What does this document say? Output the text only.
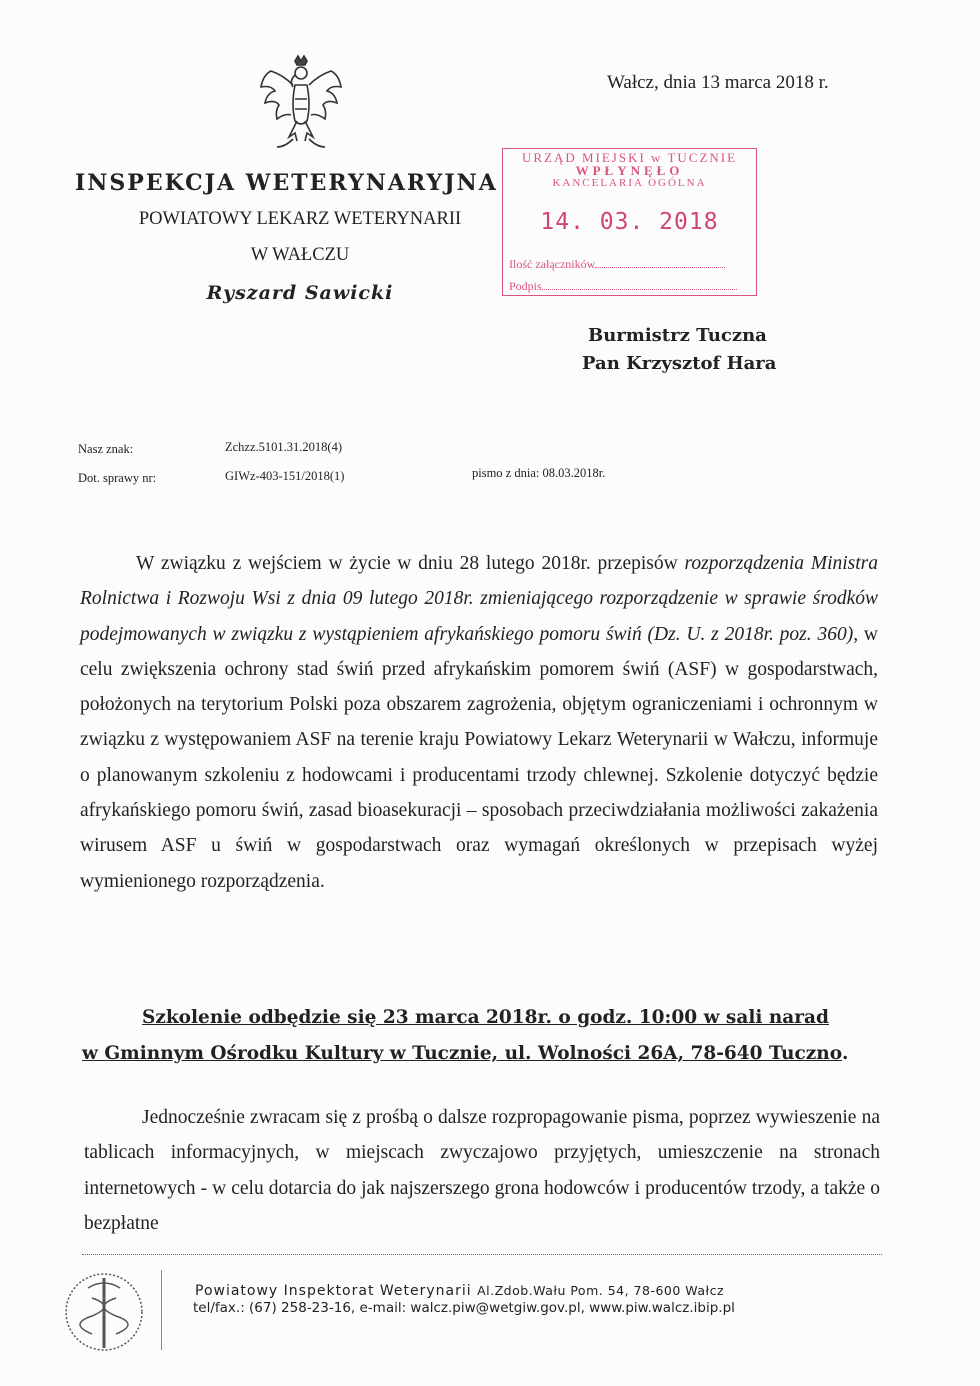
Wałcz, dnia 13 marca 2018 r.
INSPEKCJA WETERYNARYJNA
POWIATOWY LEKARZ WETERYNARII
W WAŁCZU
Ryszard Sawicki
URZĄD MIEJSKI w TUCZNIE
WPŁYNĘŁO
KANCELARIA OGÓLNA
14. 03. 2018
Ilość załączników
Podpis
Burmistrz Tuczna
Pan Krzysztof Hara
Nasz znak:	Zchzz.5101.31.2018(4)
Dot. sprawy nr:	GIWz-403-151/2018(1)	pismo z dnia: 08.03.2018r.
W związku z wejściem w życie w dniu 28 lutego 2018r. przepisów rozporządzenia Ministra Rolnictwa i Rozwoju Wsi z dnia 09 lutego 2018r. zmieniającego rozporządzenie w sprawie środków podejmowanych w związku z wystąpieniem afrykańskiego pomoru świń (Dz. U. z 2018r. poz. 360), w celu zwiększenia ochrony stad świń przed afrykańskim pomorem świń (ASF) w gospodarstwach, położonych na terytorium Polski poza obszarem zagrożenia, objętym ograniczeniami i ochronnym w związku z występowaniem ASF na terenie kraju Powiatowy Lekarz Weterynarii w Wałczu, informuje o planowanym szkoleniu z hodowcami i producentami trzody chlewnej. Szkolenie dotyczyć będzie afrykańskiego pomoru świń, zasad bioasekuracji – sposobach przeciwdziałania możliwości zakażenia wirusem ASF u świń w gospodarstwach oraz wymagań określonych w przepisach wyżej wymienionego rozporządzenia.
Szkolenie odbędzie się 23 marca 2018r. o godz. 10:00 w sali narad
w Gminnym Ośrodku Kultury w Tucznie, ul. Wolności 26A, 78-640 Tuczno.
Jednocześnie zwracam się z prośbą o dalsze rozpropagowanie pisma, poprzez wywieszenie na tablicach informacyjnych, w miejscach zwyczajowo przyjętych, umieszczenie na stronach internetowych - w celu dotarcia do jak najszerszego grona hodowców i producentów trzody, a także o bezpłatne
Powiatowy Inspektorat Weterynarii Al.Zdob.Wału Pom. 54, 78-600 Wałcz
tel/fax.: (67) 258-23-16, e-mail: walcz.piw@wetgiw.gov.pl, www.piw.walcz.ibip.pl
